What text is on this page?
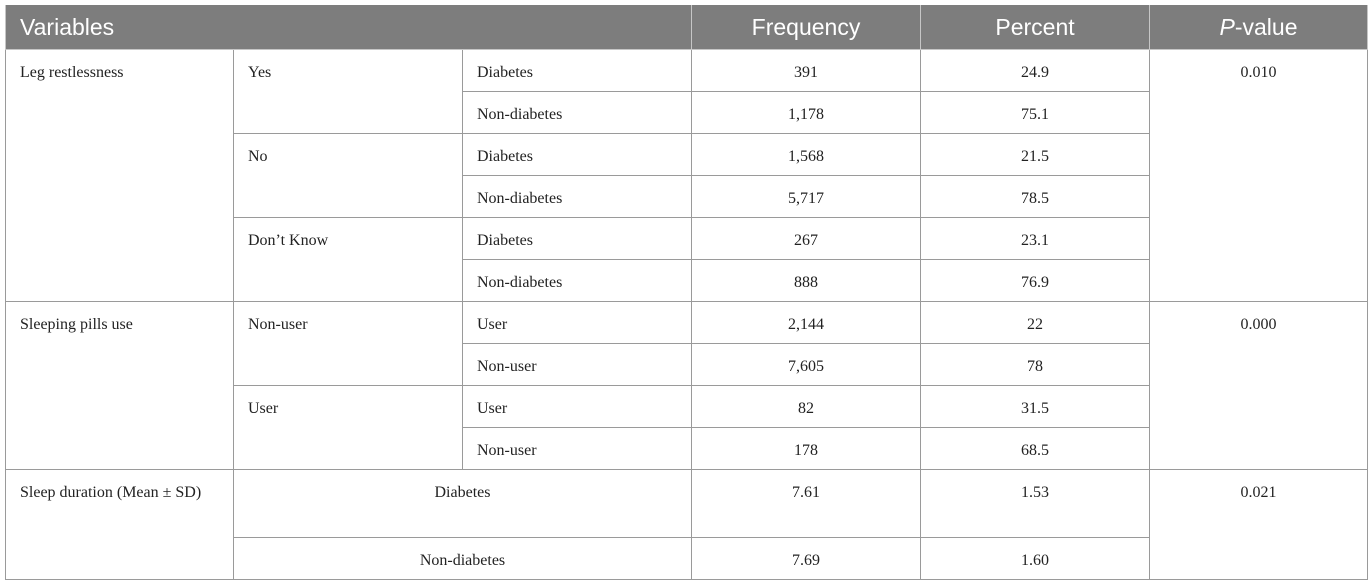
Variables			Frequency	Percent	P-value
Leg restlessness	Yes	Diabetes	391	24.9	0.010
		Non-diabetes	1,178	75.1	
	No	Diabetes	1,568	21.5	
		Non-diabetes	5,717	78.5	
	Don’t Know	Diabetes	267	23.1	
		Non-diabetes	888	76.9	
Sleeping pills use	Non-user	User	2,144	22	0.000
		Non-user	7,605	78	
	User	User	82	31.5	
		Non-user	178	68.5	
Sleep duration (Mean ± SD)	Diabetes		7.61	1.53	0.021
	Non-diabetes		7.69	1.60	
